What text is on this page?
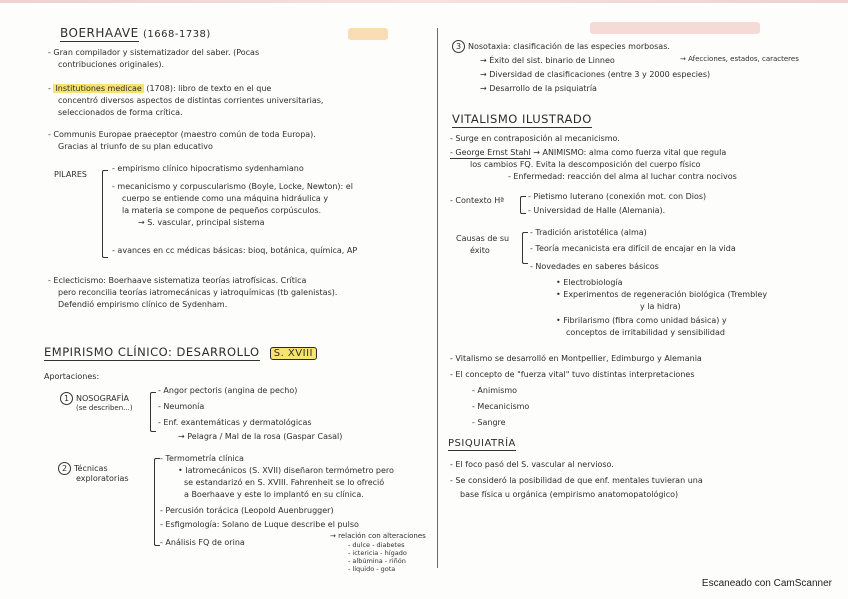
BOERHAAVE (1668-1738)
- Gran compilador y sistematizador del saber. (Pocas
contribuciones originales).
- Institutiones medicae (1708): libro de texto en el que
concentró diversos aspectos de distintas corrientes universitarias,
seleccionados de forma crítica.
- Communis Europae praeceptor (maestro común de toda Europa).
Gracias al triunfo de su plan educativo
PILARES
- empirismo clínico hipocratismo sydenhamiano
- mecanicismo y corpuscularismo (Boyle, Locke, Newton): el
cuerpo se entiende como una máquina hidráulica y
la materia se compone de pequeños corpúsculos.
→ S. vascular, principal sistema
- avances en cc médicas básicas: bioq, botánica, química, AP
- Eclecticismo: Boerhaave sistematiza teorías iatrofísicas. Crítica
pero reconcilia teorías iatromecánicas y iatroquímicas (tb galenistas).
Defendió empirismo clínico de Sydenham.
EMPIRISMO CLÍNICO: DESARROLLO S. XVIII
Aportaciones:
1 NOSOGRAFÍA
(se describen...)
- Angor pectoris (angina de pecho)
- Neumonía
- Enf. exantemáticas y dermatológicas
→ Pelagra / Mal de la rosa (Gaspar Casal)
2 Técnicas
exploratorias
- Termometría clínica
• Iatromecánicos (S. XVII) diseñaron termómetro pero
se estandarizó en S. XVIII. Fahrenheit se lo ofreció
a Boerhaave y este lo implantó en su clínica.
- Percusión torácica (Leopold Auenbrugger)
- Esfigmología: Solano de Luque describe el pulso
- Análisis FQ de orina
→ relación con alteraciones
- dulce - diabetes
- ictericia - hígado
- albúmina - riñón
- líquido - gota
3 Nosotaxia: clasificación de las especies morbosas.
→ Éxito del sist. binario de Linneo	→ Afecciones, estados, caracteres
→ Diversidad de clasificaciones (entre 3 y 2000 especies)
→ Desarrollo de la psiquiatría
VITALISMO ILUSTRADO
- Surge en contraposición al mecanicismo.
- George Ernst Stahl → ANIMISMO: alma como fuerza vital que regula
los cambios FQ. Evita la descomposición del cuerpo físico
- Enfermedad: reacción del alma al luchar contra nocivos
- Contexto Hª	- Pietismo luterano (conexión mot. con Dios)
- Universidad de Halle (Alemania).
Causas de su
éxito
- Tradición aristotélica (alma)
- Teoría mecanicista era difícil de encajar en la vida
- Novedades en saberes básicos
• Electrobiología
• Experimentos de regeneración biológica (Trembley
y la hidra)
• Fibrilarismo (fibra como unidad básica) y
conceptos de irritabilidad y sensibilidad
- Vitalismo se desarrolló en Montpellier, Edimburgo y Alemania
- El concepto de "fuerza vital" tuvo distintas interpretaciones
- Animismo
- Mecanicismo
- Sangre
PSIQUIATRÍA
- El foco pasó del S. vascular al nervioso.
- Se consideró la posibilidad de que enf. mentales tuvieran una
base física u orgánica (empirismo anatomopatológico)
Escaneado con CamScanner
